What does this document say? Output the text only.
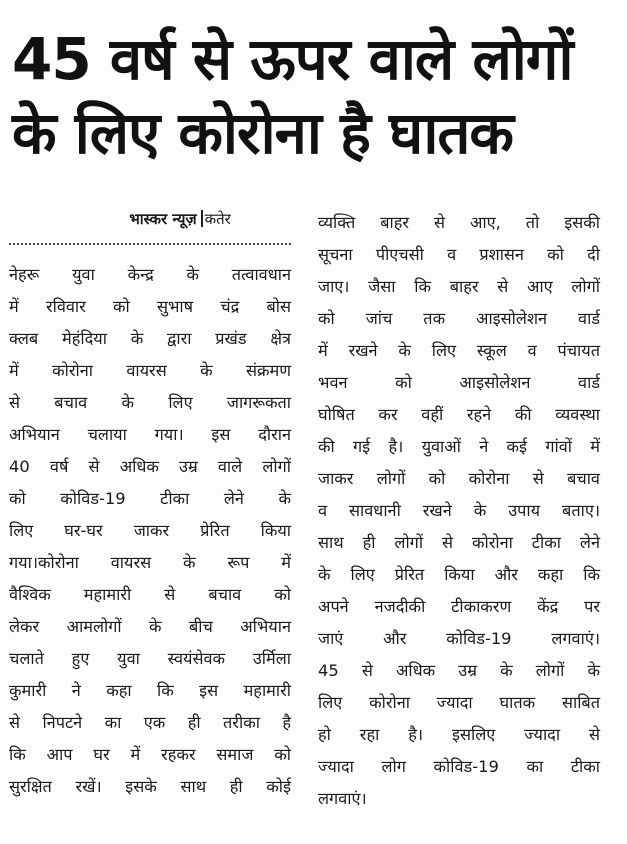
45 वर्ष से ऊपर वाले लोगों
के लिए कोरोना है घातक
भास्कर न्यूज़ कतेर
नेहरू युवा केन्द्र के तत्वावधान
में रविवार को सुभाष चंद्र बोस
क्लब मेहंदिया के द्वारा प्रखंड क्षेत्र
में कोरोना वायरस के संक्रमण
से बचाव के लिए जागरूकता
अभियान चलाया गया। इस दौरान
40 वर्ष से अधिक उम्र वाले लोगों
को कोविड-19 टीका लेने के
लिए घर-घर जाकर प्रेरित किया
गया।कोरोना वायरस के रूप में
वैश्विक महामारी से बचाव को
लेकर आमलोगों के बीच अभियान
चलाते हुए युवा स्वयंसेवक उर्मिला
कुमारी ने कहा कि इस महामारी
से निपटने का एक ही तरीका है
कि आप घर में रहकर समाज को
सुरक्षित रखें। इसके साथ ही कोई
व्यक्ति बाहर से आए, तो इसकी
सूचना पीएचसी व प्रशासन को दी
जाए। जैसा कि बाहर से आए लोगों
को जांच तक आइसोलेशन वार्ड
में रखने के लिए स्कूल व पंचायत
भवन को आइसोलेशन वार्ड
घोषित कर वहीं रहने की व्यवस्था
की गई है। युवाओं ने कई गांवों में
जाकर लोगों को कोरोना से बचाव
व सावधानी रखने के उपाय बताए।
साथ ही लोगों से कोरोना टीका लेने
के लिए प्रेरित किया और कहा कि
अपने नजदीकी टीकाकरण केंद्र पर
जाएं और कोविड-19 लगवाएं।
45 से अधिक उम्र के लोगों के
लिए कोरोना ज्यादा घातक साबित
हो रहा है। इसलिए ज्यादा से
ज्यादा लोग कोविड-19 का टीका
लगवाएं।
